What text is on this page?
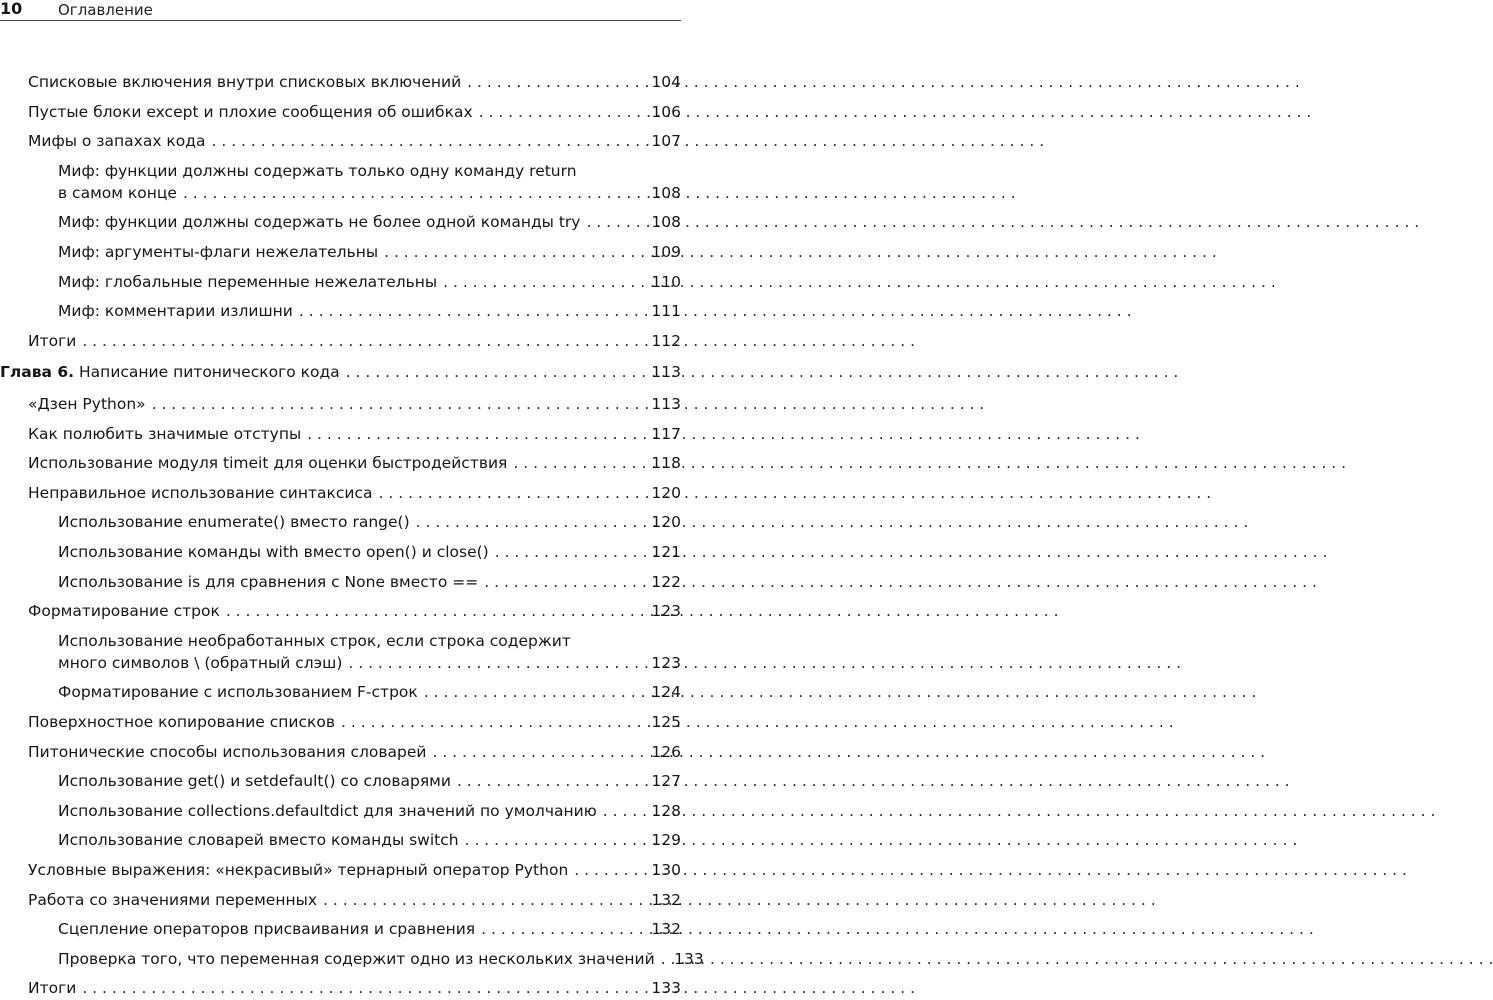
10 Оглавление
Списковые включения внутри списковых включений . . .	104
Пустые блоки except и плохие сообщения об ошибках . . .	106
Мифы о запахах кода . . .	107
Миф: функции должны содержать только одну команду return
в самом конце . . .	108
Миф: функции должны содержать не более одной команды try . . .	108
Миф: аргументы-флаги нежелательны . . .	109
Миф: глобальные переменные нежелательны . . .	110
Миф: комментарии излишни . . .	111
Итоги . . .	112
Глава 6. Написание питонического кода . . .	113
«Дзен Python» . . .	113
Как полюбить значимые отступы . . .	117
Использование модуля timeit для оценки быстродействия . . .	118
Неправильное использование синтаксиса . . .	120
Использование enumerate() вместо range() . . .	120
Использование команды with вместо open() и close() . . .	121
Использование is для сравнения с None вместо == . . .	122
Форматирование строк . . .	123
Использование необработанных строк, если строка содержит
много символов \ (обратный слэш) . . .	123
Форматирование с использованием F-строк . . .	124
Поверхностное копирование списков . . .	125
Питонические способы использования словарей . . .	126
Использование get() и setdefault() со словарями . . .	127
Использование collections.defaultdict для значений по умолчанию . . .	128
Использование словарей вместо команды switch . . .	129
Условные выражения: «некрасивый» тернарный оператор Python . . .	130
Работа со значениями переменных . . .	132
Сцепление операторов присваивания и сравнения . . .	132
Проверка того, что переменная содержит одно из нескольких значений . . . 133
Итоги . . .	133
